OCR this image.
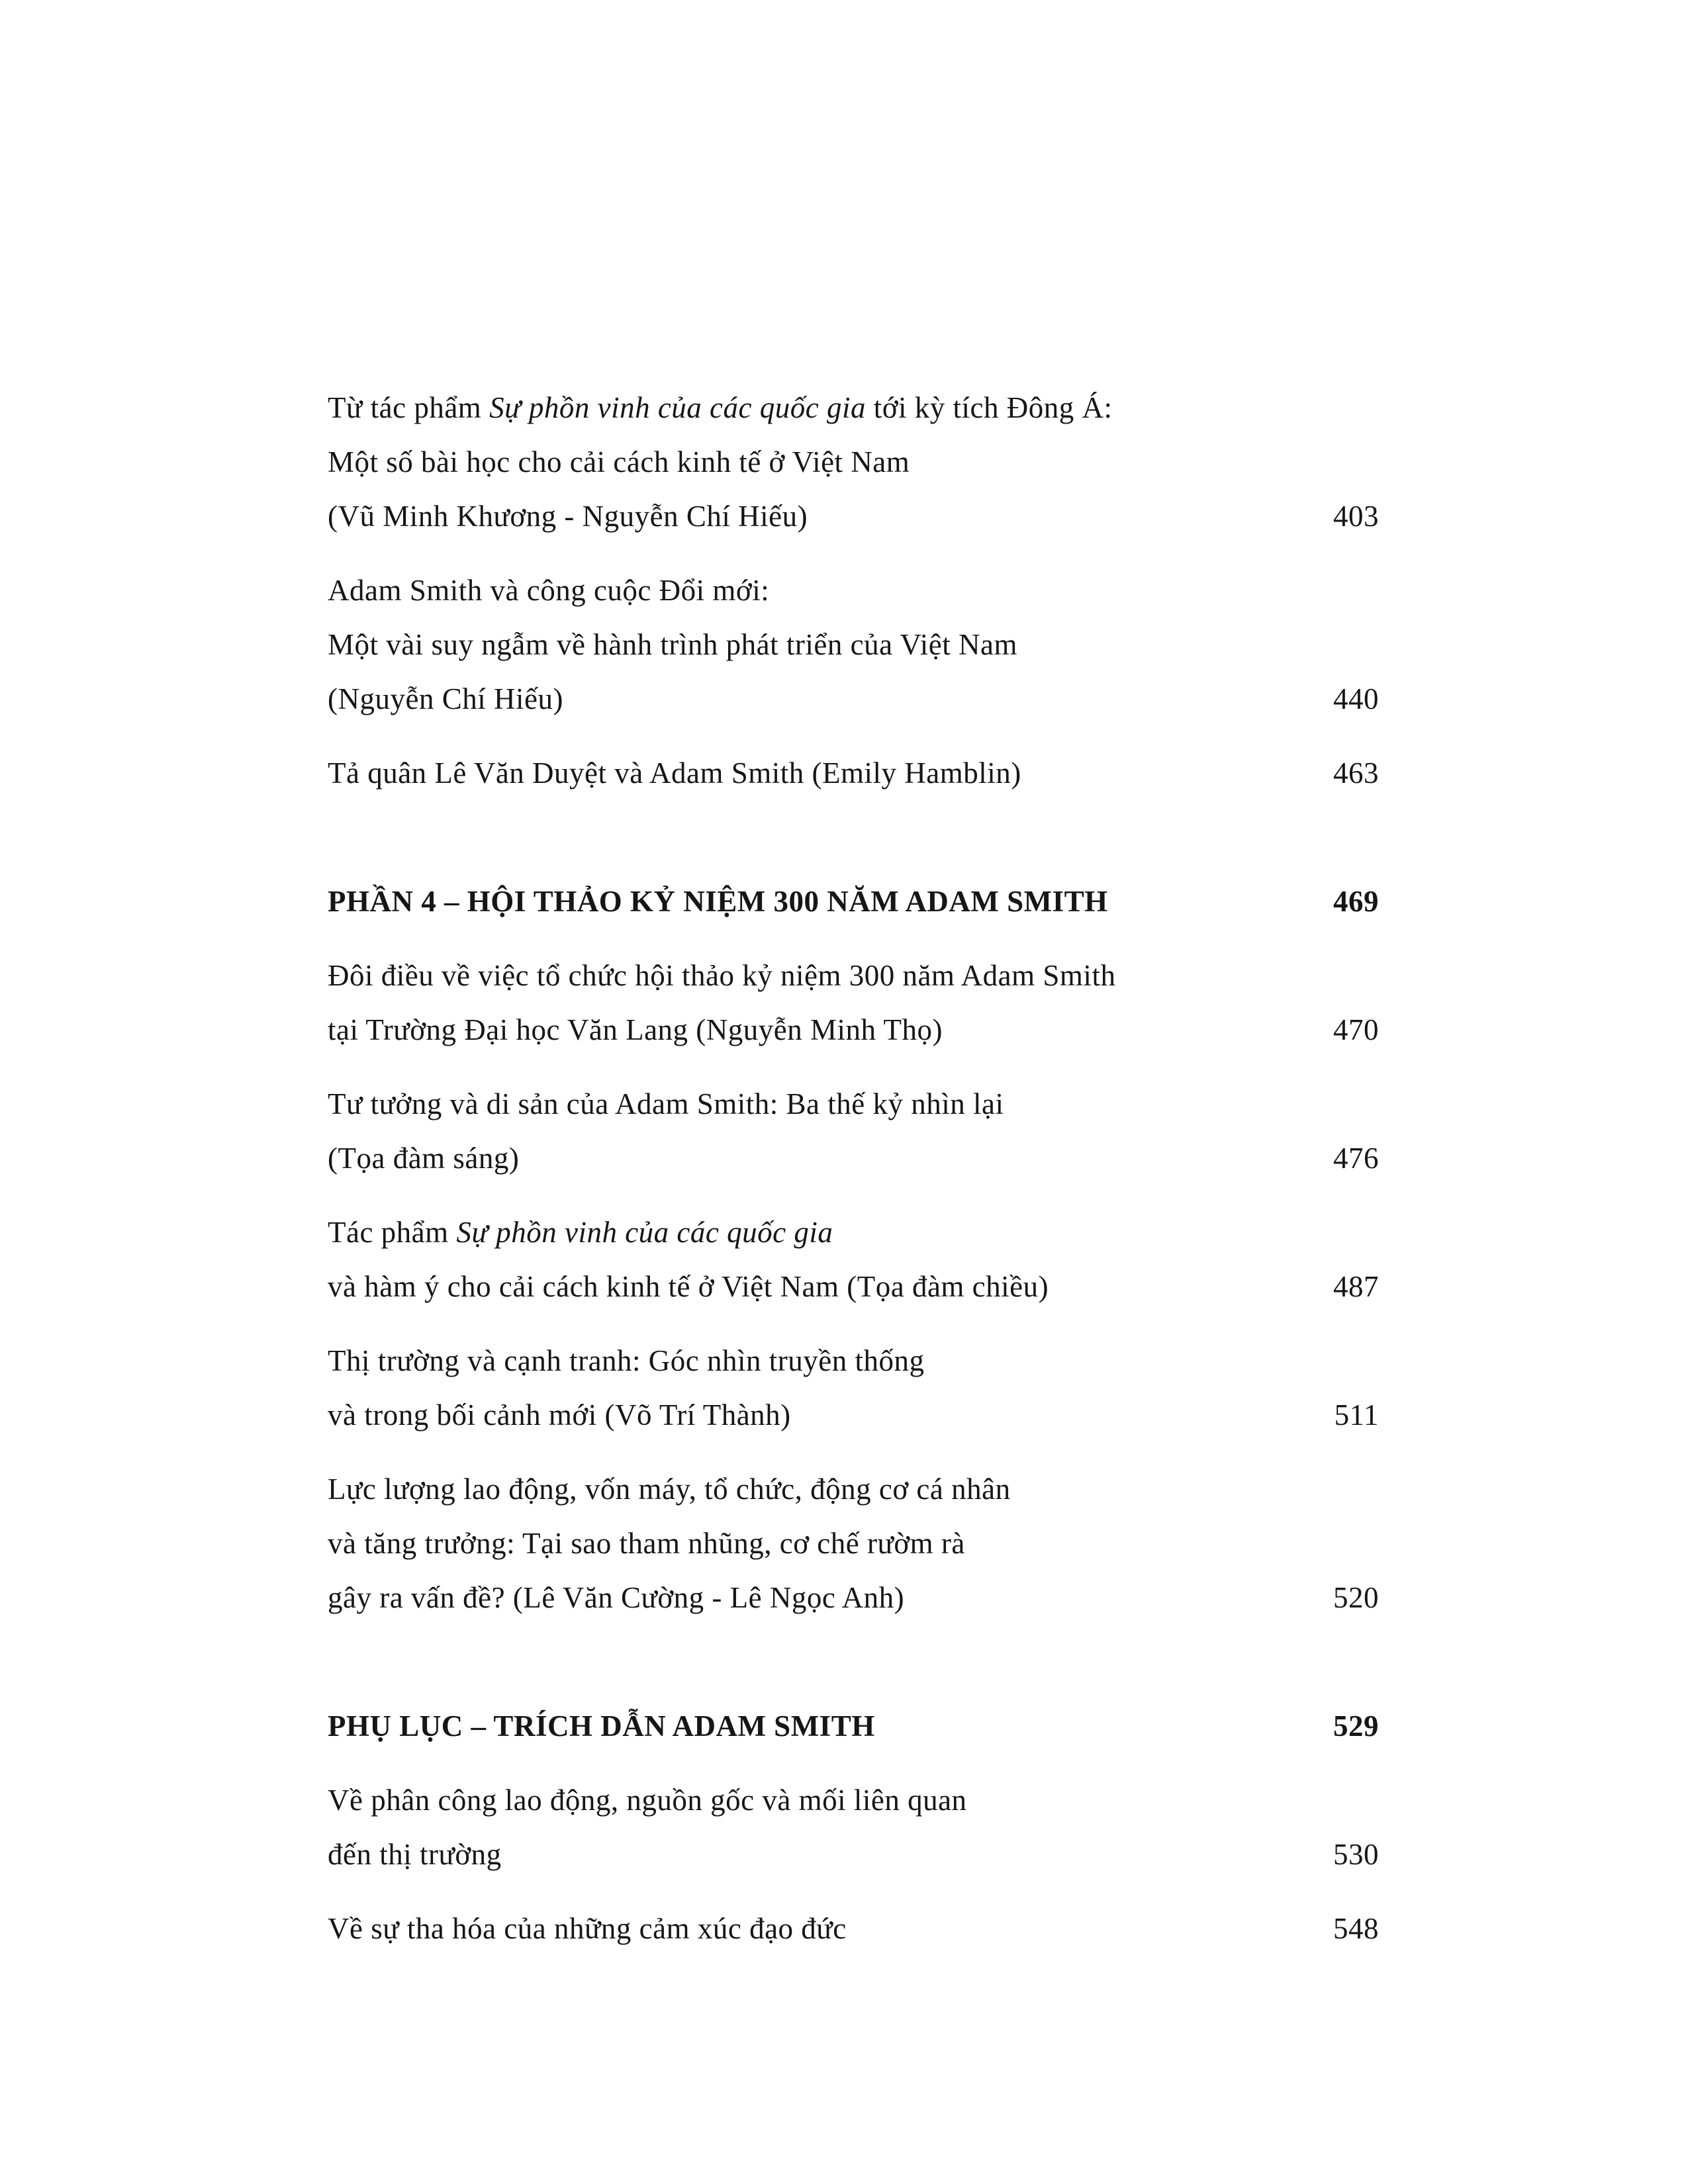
Từ tác phẩm Sự phồn vinh của các quốc gia tới kỳ tích Đông Á:
Một số bài học cho cải cách kinh tế ở Việt Nam
(Vũ Minh Khương - Nguyễn Chí Hiếu)	403
Adam Smith và công cuộc Đổi mới:
Một vài suy ngẫm về hành trình phát triển của Việt Nam
(Nguyễn Chí Hiếu)	440
Tả quân Lê Văn Duyệt và Adam Smith (Emily Hamblin)	463
PHẦN 4 – HỘI THẢO KỶ NIỆM 300 NĂM ADAM SMITH	469
Đôi điều về việc tổ chức hội thảo kỷ niệm 300 năm Adam Smith
tại Trường Đại học Văn Lang (Nguyễn Minh Thọ)	470
Tư tưởng và di sản của Adam Smith: Ba thế kỷ nhìn lại
(Tọa đàm sáng)	476
Tác phẩm Sự phồn vinh của các quốc gia
và hàm ý cho cải cách kinh tế ở Việt Nam (Tọa đàm chiều)	487
Thị trường và cạnh tranh: Góc nhìn truyền thống
và trong bối cảnh mới (Võ Trí Thành)	511
Lực lượng lao động, vốn máy, tổ chức, động cơ cá nhân
và tăng trưởng: Tại sao tham nhũng, cơ chế rườm rà
gây ra vấn đề? (Lê Văn Cường - Lê Ngọc Anh)	520
PHỤ LỤC – TRÍCH DẪN ADAM SMITH	529
Về phân công lao động, nguồn gốc và mối liên quan
đến thị trường	530
Về sự tha hóa của những cảm xúc đạo đức	548
